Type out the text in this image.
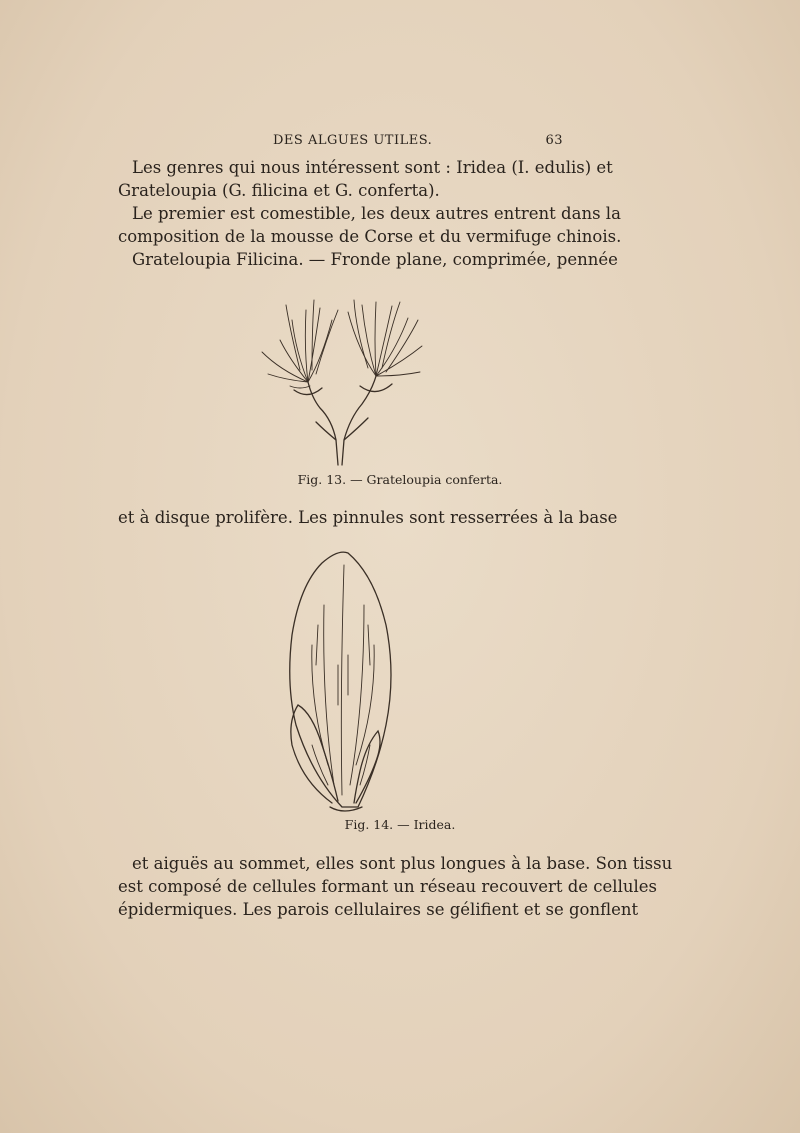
DES ALGUES UTILES.	63
Les genres qui nous intéressent sont : Iridea (I. edulis) et
Grateloupia (G. filicina et G. conferta).
Le premier est comestible, les deux autres entrent dans la
composition de la mousse de Corse et du vermifuge chinois.
Grateloupia Filicina. — Fronde plane, comprimée, pennée
Fig. 13. — Grateloupia conferta.
et à disque prolifère. Les pinnules sont resserrées à la base
Fig. 14. — Iridea.
et aiguës au sommet, elles sont plus longues à la base. Son tissu
est composé de cellules formant un réseau recouvert de cellules
épidermiques. Les parois cellulaires se gélifient et se gonflent
